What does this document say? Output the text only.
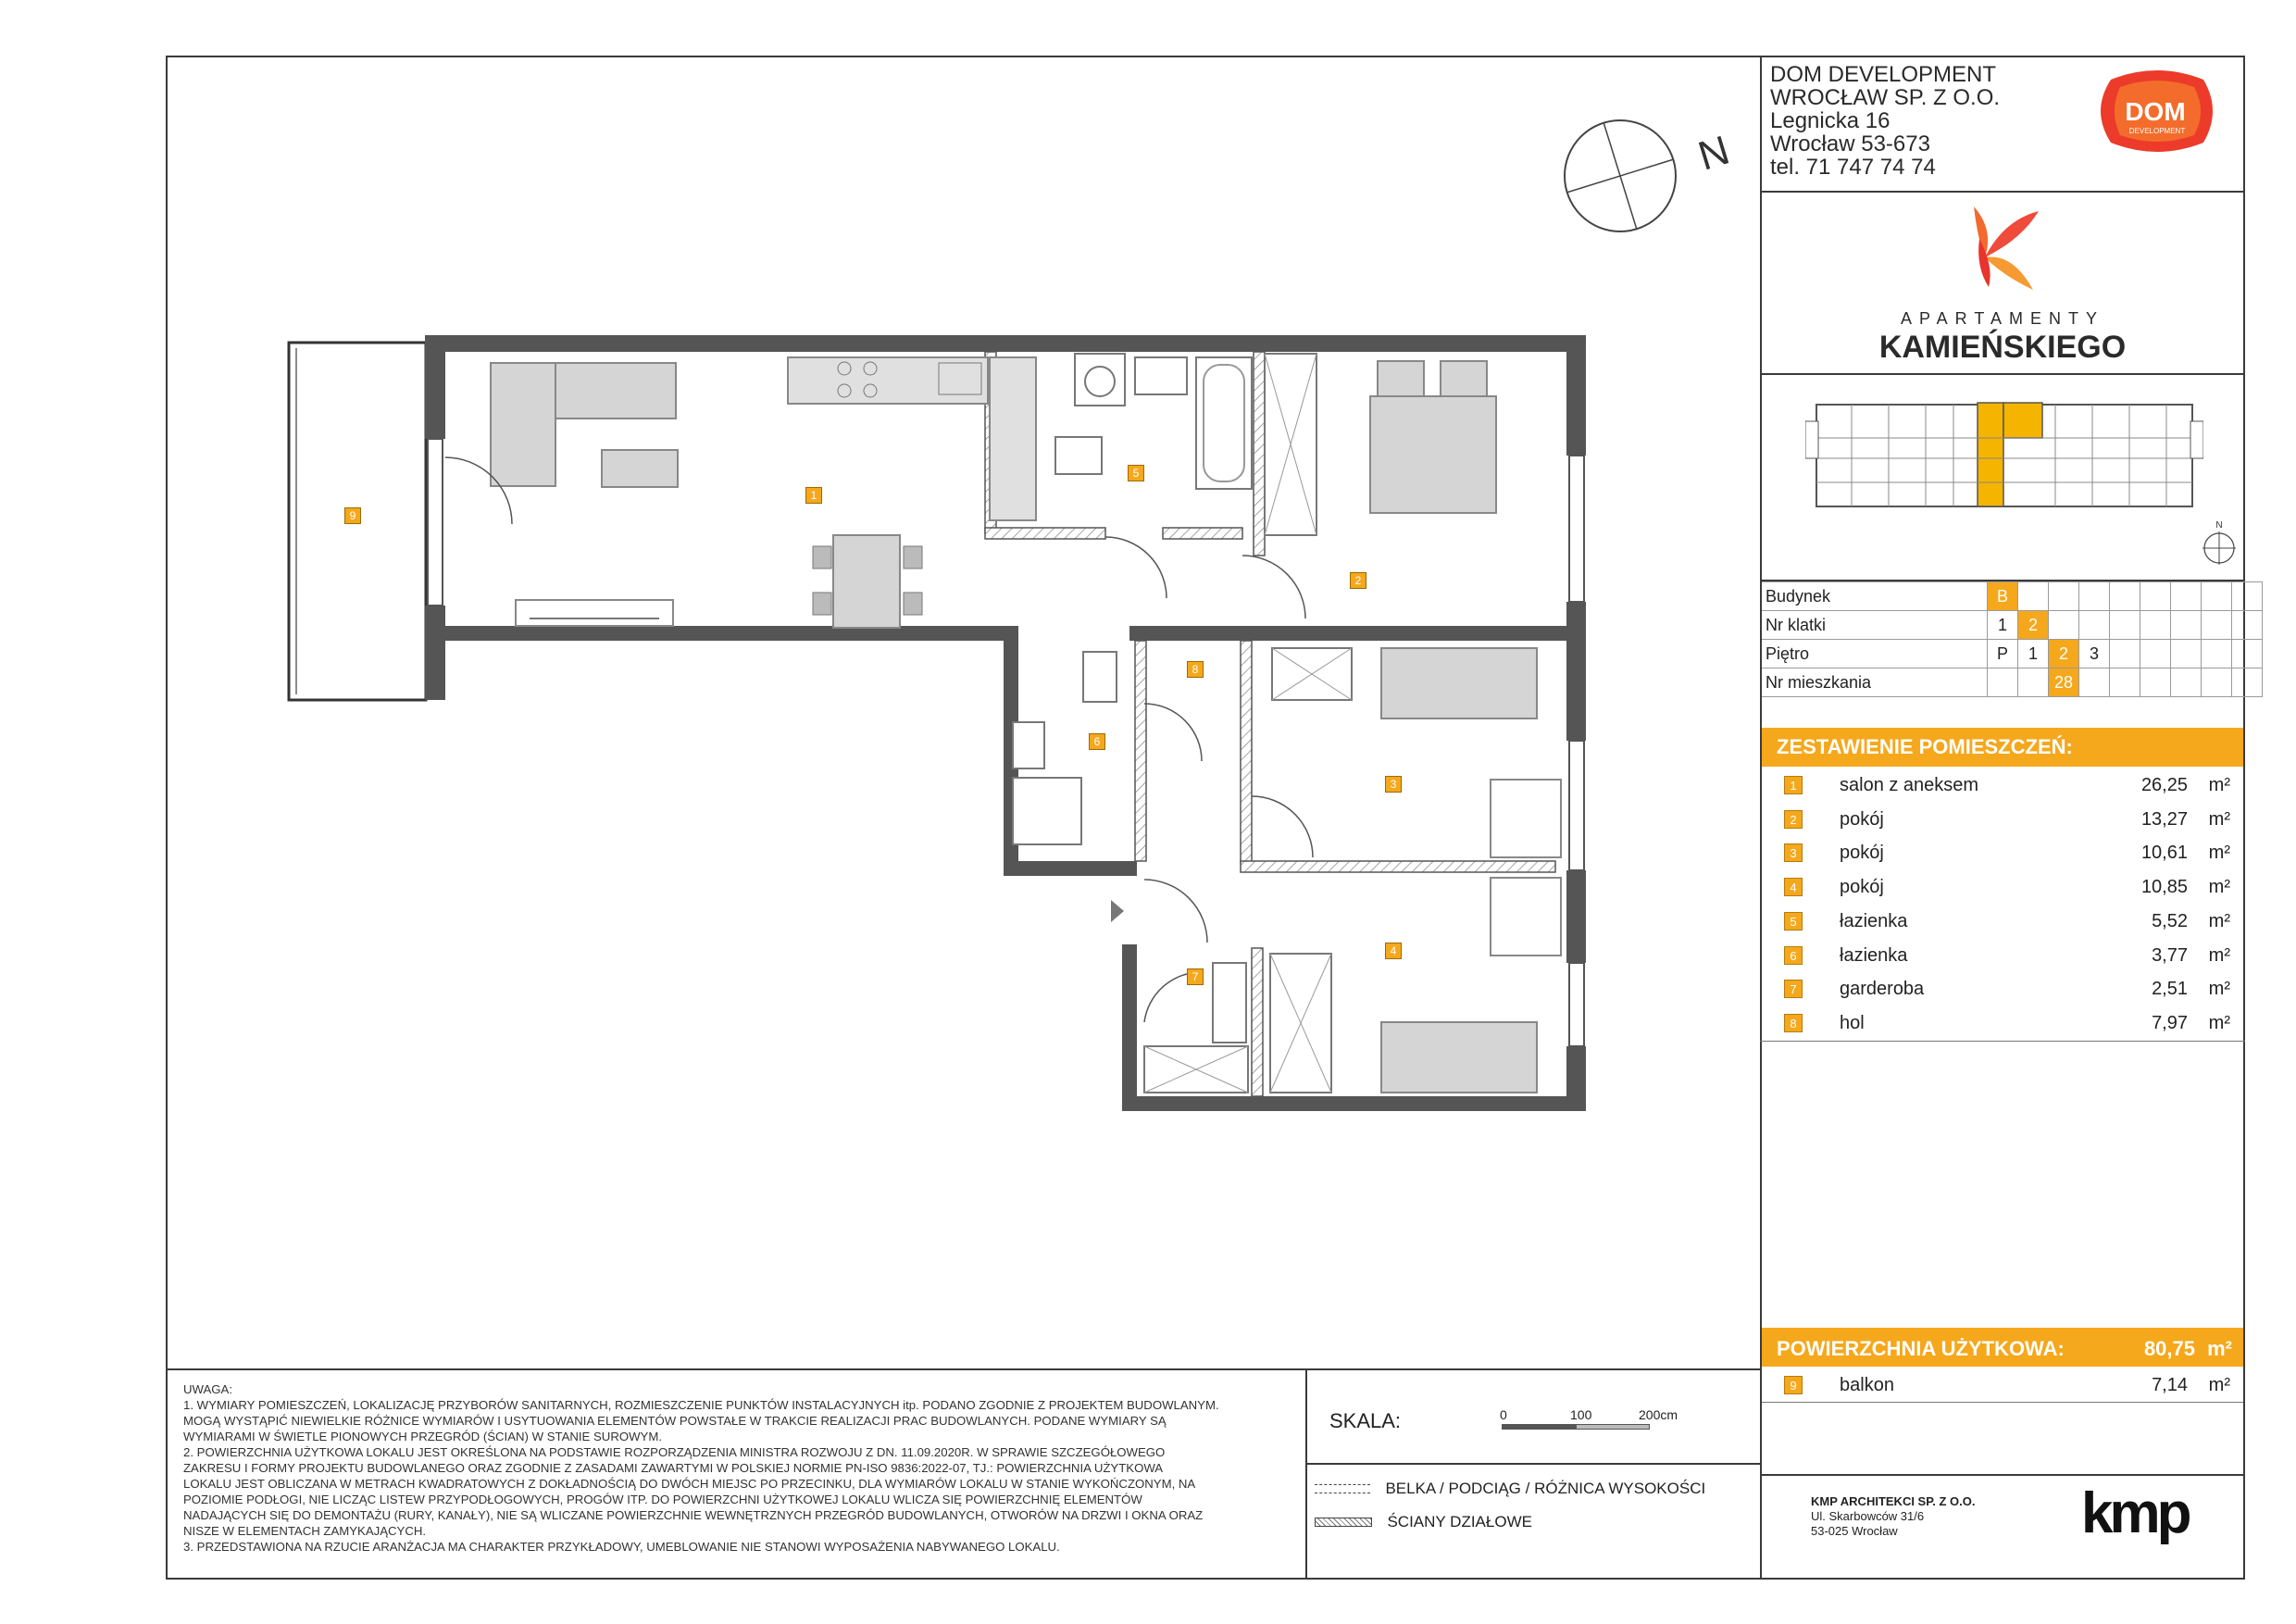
DOM DEVELOPMENT
WROCŁAW SP. Z O.O.
Legnicka 16
Wrocław 53-673
tel. 71 747 74 74
DOM
DEVELOPMENT
APARTAMENTY
KAMIEŃSKIEGO
N
Budynek	B								
Nr klatki	1	2							
Piętro	P	1	2	3					
Nr mieszkania			28						
ZESTAWIENIE POMIESZCZEŃ:
1	salon z aneksem	26,25 m²
2	pokój	13,27 m²
3	pokój	10,61 m²
4	pokój	10,85 m²
5	łazienka	5,52 m²
6	łazienka	3,77 m²
7	garderoba	2,51 m²
8	hol	7,97 m²
POWIERZCHNIA UŻYTKOWA:	80,75 m²
9	balkon	7,14 m²
KMP ARCHITEKCI SP. Z O.O.
Ul. Skarbowców 31/6
53-025 Wrocław	kmp
SKALA:	0	100	200cm
BELKA / PODCIĄG / RÓŻNICA WYSOKOŚCI
ŚCIANY DZIAŁOWE
UWAGA:
1. WYMIARY POMIESZCZEŃ, LOKALIZACJĘ PRZYBORÓW SANITARNYCH, ROZMIESZCZENIE PUNKTÓW INSTALACYJNYCH itp. PODANO ZGODNIE Z PROJEKTEM BUDOWLANYM.
MOGĄ WYSTĄPIĆ NIEWIELKIE RÓŻNICE WYMIARÓW I USYTUOWANIA ELEMENTÓW POWSTAŁE W TRAKCIE REALIZACJI PRAC BUDOWLANYCH. PODANE WYMIARY SĄ
WYMIARAMI W ŚWIETLE PIONOWYCH PRZEGRÓD (ŚCIAN) W STANIE SUROWYM.
2. POWIERZCHNIA UŻYTKOWA LOKALU JEST OKREŚLONA NA PODSTAWIE ROZPORZĄDZENIA MINISTRA ROZWOJU Z DN. 11.09.2020R. W SPRAWIE SZCZEGÓŁOWEGO
ZAKRESU I FORMY PROJEKTU BUDOWLANEGO ORAZ ZGODNIE Z ZASADAMI ZAWARTYMI W POLSKIEJ NORMIE PN-ISO 9836:2022-07, TJ.: POWIERZCHNIA UŻYTKOWA
LOKALU JEST OBLICZANA W METRACH KWADRATOWYCH Z DOKŁADNOŚCIĄ DO DWÓCH MIEJSC PO PRZECINKU, DLA WYMIARÓW LOKALU W STANIE WYKOŃCZONYM, NA
POZIOMIE PODŁOGI, NIE LICZĄC LISTEW PRZYPODŁOGOWYCH, PROGÓW ITP. DO POWIERZCHNI UŻYTKOWEJ LOKALU WLICZA SIĘ POWIERZCHNIĘ ELEMENTÓW
NADAJĄCYCH SIĘ DO DEMONTAŻU (RURY, KANAŁY), NIE SĄ WLICZANE POWIERZCHNIE WEWNĘTRZNYCH PRZEGRÓD BUDOWLANYCH, OTWORÓW NA DRZWI I OKNA ORAZ
NISZE W ELEMENTACH ZAMYKAJĄCYCH.
3. PRZEDSTAWIONA NA RZUCIE ARANŻACJA MA CHARAKTER PRZYKŁADOWY, UMEBLOWANIE NIE STANOWI WYPOSAŻENIA NABYWANEGO LOKALU.
N
1
2
3
4
5
6
7
8
9
